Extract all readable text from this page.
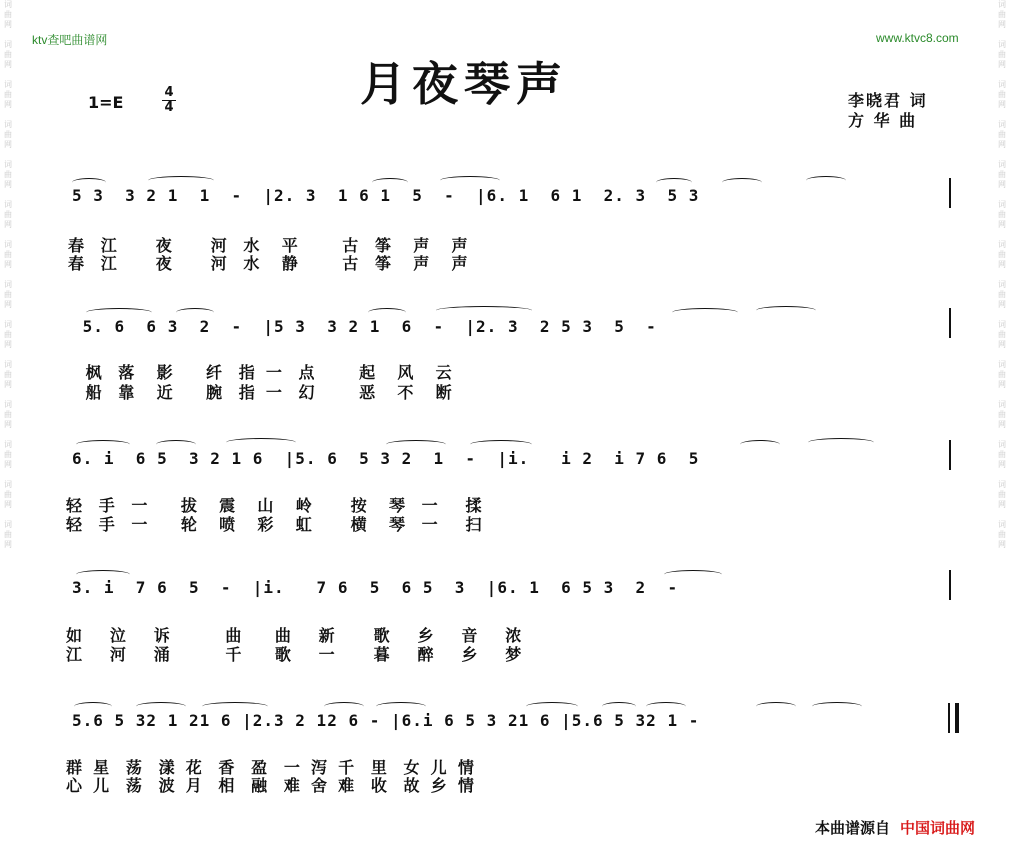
词
曲
网

词
曲
网

词
曲
网

词
曲
网

词
曲
网

词
曲
网

词
曲
网

词
曲
网

词
曲
网

词
曲
网

词
曲
网

词
曲
网

词
曲
网

词
曲
网

词
曲
网

词
曲
网

词
曲
网

词
曲
网

词
曲
网

词
曲
网

词
曲
网

词
曲
网

词
曲
网

词
曲
网

词
曲
网

词
曲
网

词
曲
网

词
曲
网

ktv查吧曲谱网	www.ktvc8.com
月夜琴声
1=E
4
4	李晓君 词
方 华 曲
5 3  3 2 1  1  -  |2. 3  1 6 1  5  -  |6. 1  6 1  2. 3  5 3
春   江       夜       河   水    平        古   筝    声    声
春   江       夜       河   水    静        古   筝    声    声
5. 6  6 3  2  -  |5 3  3 2 1  6  -  |2. 3  2 5 3  5  -
枫   落    影      纤   指  一   点        起    风    云
船   靠    近      腕   指  一   幻        恶    不    断
6. i  6 5  3 2 1 6  |5. 6  5 3 2  1  -  |i.   i 2  i 7 6  5
轻   手   一      拔    震    山    岭       按    琴   一     揉
轻   手   一      轮    喷    彩    虹       横    琴   一     扫
3. i  7 6  5  -  |i.   7 6  5  6 5  3  |6. 1  6 5 3  2  -
如     泣     诉          曲      曲     新       歌     乡     音     浓
江     河     涌          千      歌     一       暮     醉     乡     梦
5.6 5 32 1 21 6 |2.3 2 12 6 - |6.i 6 5 3 21 6 |5.6 5 32 1 -
群  星   荡   漾  花   香   盈   一  泻  千   里   女  儿  情
心  儿   荡   波  月   相   融   难  舍  难   收   故  乡  情
本曲谱源自 中国词曲网
